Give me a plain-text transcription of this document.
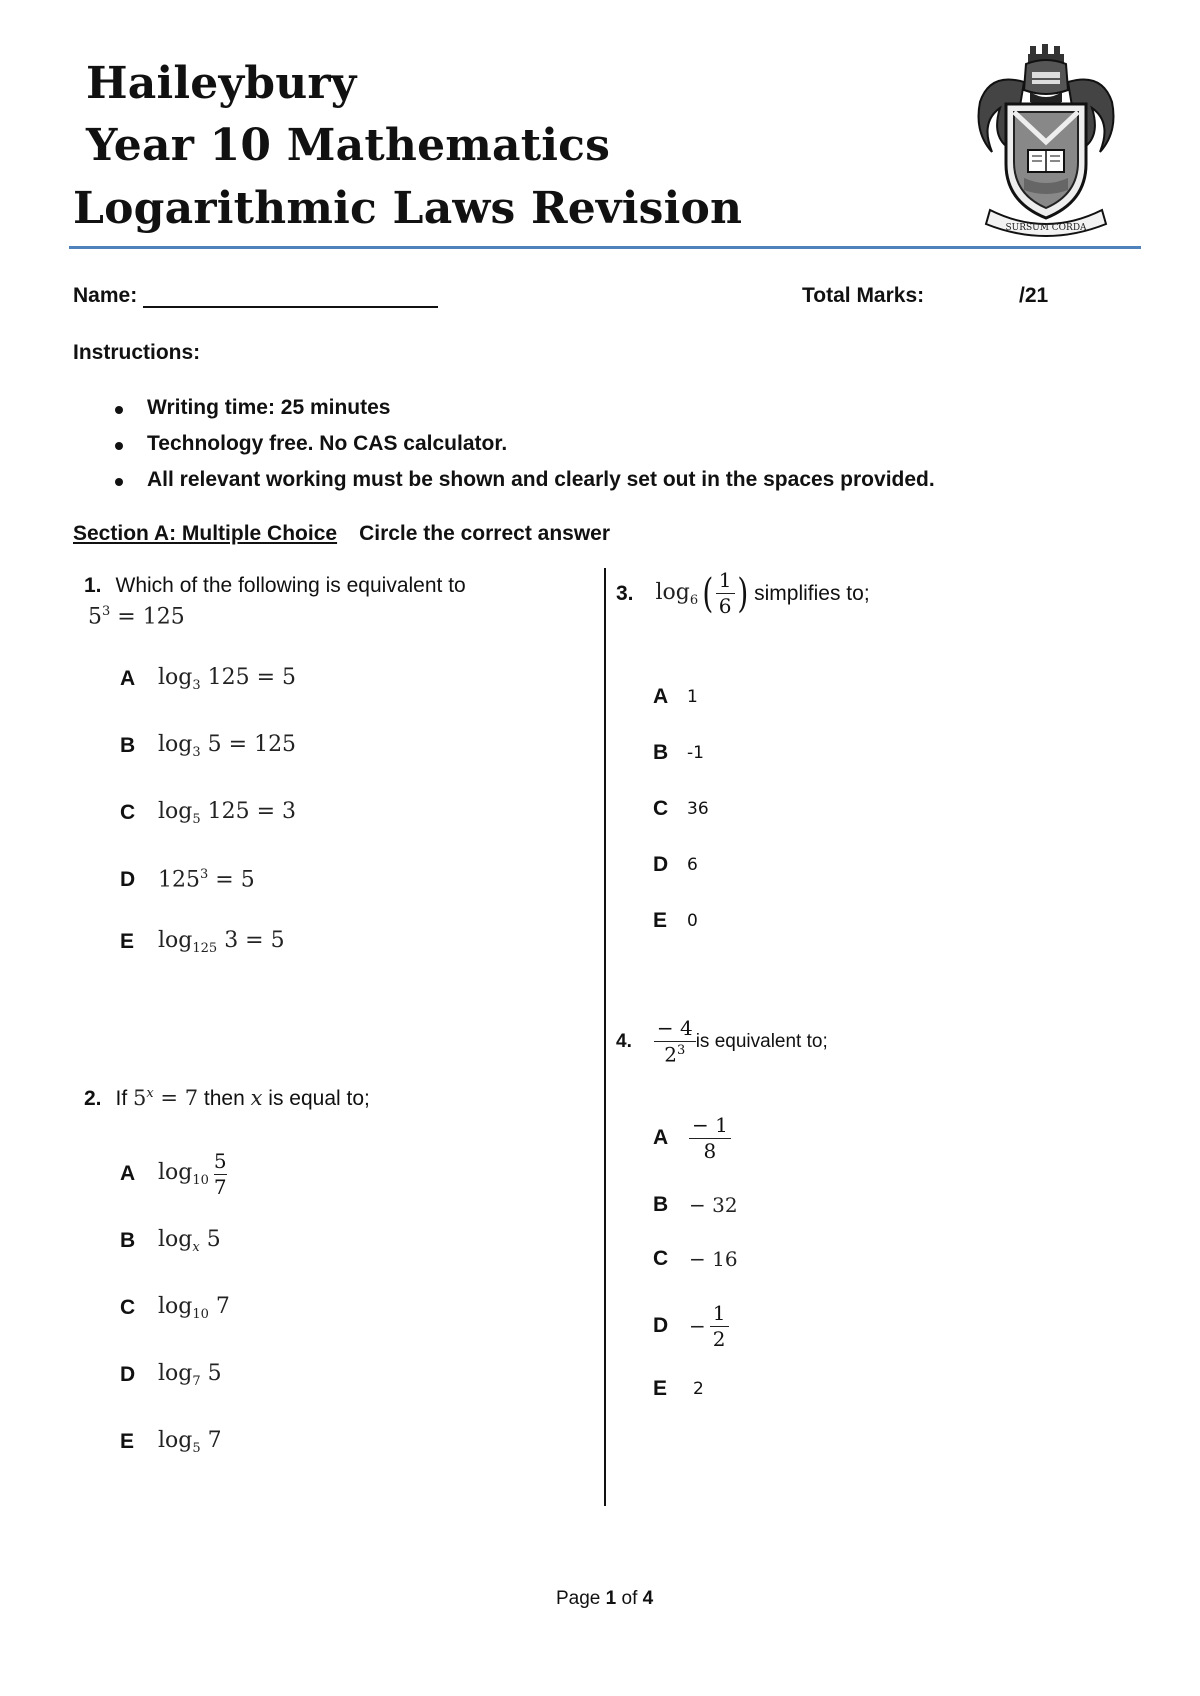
Haileybury
Year 10 Mathematics
Logarithmic Laws Revision	SURSUM CORDA
Name:	Total Marks:	/21
Instructions:
Writing time: 25 minutes
Technology free. No CAS calculator.
All relevant working must be shown and clearly set out in the spaces provided.
Section A: Multiple Choice Circle the correct answer
1. Which of the following is equivalent to
$5^3 = 125$
A	$\log_3 125 = 5$
B	$\log_3 5 = 125$
C	$\log_5 125 = 3$
D	$125^3 = 5$
E	$\log_{125} 3 = 5$
2. If $5^x = 7$ then x is equal to;
A	$\log_{10} \frac{5}{7}$
B	$\log_x 5$
C	$\log_{10} 7$
D	$\log_7 5$
E	$\log_5 7$
3. $\log_6$ ( $\frac{1}{6}$ ) simplifies to;
A	1
B	-1
C	36
D	6
E	0
4. $\frac{- 4}{2^3}$ is equivalent to;
A	$\frac{- 1}{8}$
B	− 32
C	− 16
D	− $\frac{1}{2}$
E	2
Page 1 of 4
